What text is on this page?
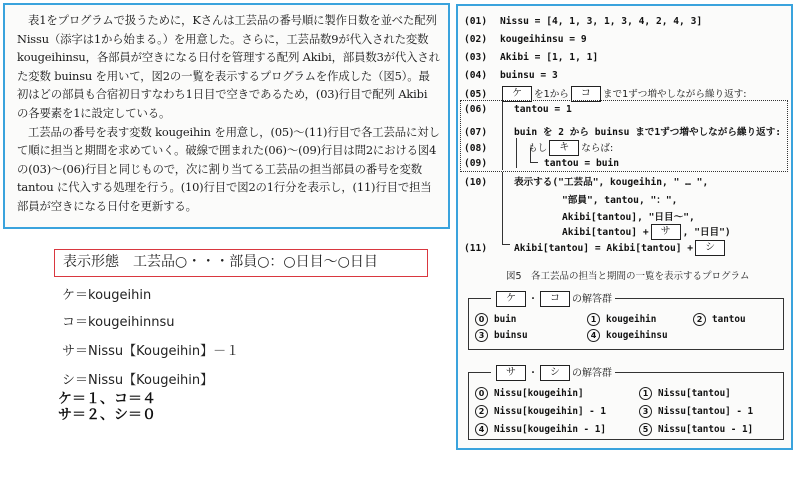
表1をプログラムで扱うために，Kさんは工芸品の番号順に製作日数を並べた配列 Nissu（添字は1から始まる。）を用意した。さらに，工芸品数9が代入された変数 kougeihinsu，各部員が空きになる日付を管理する配列 Akibi，部員数3が代入された変数 buinsu を用いて，図2の一覧を表示するプログラムを作成した（図5）。最初はどの部員も合宿初日すなわち1日目で空きであるため，(03)行目で配列 Akibi の各要素を1に設定している。

工芸品の番号を表す変数 kougeihin を用意し，(05)～(11)行目で各工芸品に対して順に担当と期間を求めていく。破線で囲まれた(06)～(09)行目は問2における図4の(03)～(06)行目と同じもので，次に割り当てる工芸品の担当部員の番号を変数 tantou に代入する処理を行う。(10)行目で図2の1行分を表示し，(11)行目で担当部員が空きになる日付を更新する。

表示形態　工芸品○・・・部員○：○日目～○日目
ケ＝kougeihin
コ＝kougeihinnsu
サ＝Nissu【Kougeihin】－１
シ＝Nissu【Kougeihin】
ケ＝１、コ＝４
サ＝２、シ＝０
(01) Nissu = [4, 1, 3, 1, 3, 4, 2, 4, 3]
(02) kougeihinsu = 9
(03) Akibi = [1, 1, 1]
(04) buinsu = 3
(05) ケ を1から コ まで1ずつ増やしながら繰り返す:
(06)	tantou = 1
(07)	buin を 2 から buinsu まで1ずつ増やしながら繰り返す:
(08)	もし キ ならば:
(09)	tantou = buin
(10)	表示する("工芸品", kougeihin, " … ",
"部員", tantou, "：",
Akibi[tantou], "日目～",
Akibi[tantou] + サ , "日目")
(11)	Akibi[tantou] = Akibi[tantou] + シ
図5　各工芸品の担当と期間の一覧を表示するプログラム
ケ ・ コ の解答群
0 buin	1 kougeihin	2 tantou
3 buinsu	4 kougeihinsu
サ ・ シ の解答群
0 Nissu[kougeihin]	1 Nissu[tantou]
2 Nissu[kougeihin] - 1	3 Nissu[tantou] - 1
4 Nissu[kougeihin - 1]	5 Nissu[tantou - 1]
